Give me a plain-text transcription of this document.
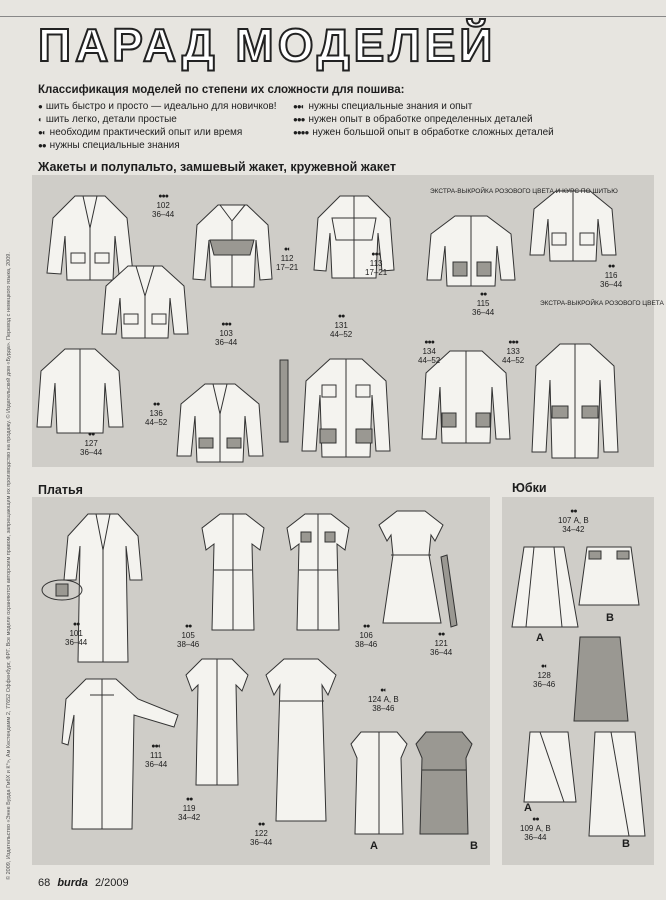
ПАРАД МОДЕЛЕЙ
Классификация моделей по степени их сложности для пошива:
● шить быстро и просто — идеально для новичков!
◐ шить легко, детали простые
●◐ необходим практический опыт или время
●● нужны специальные знания
●●◐ нужны специальные знания и опыт
●●● нужен опыт в обработке определенных деталей
●●●● нужен большой опыт в обработке сложных деталей
Жакеты и полупальто, замшевый жакет, кружевной жакет
●●●
102
36–44
●●●
103
36–44
●◐
112
17–21
●●◐
113
17–21
●●
115
36–44
●●
116
36–44
●●
131
44–52
●●●
134
44–52
●●●
133
44–52
●●
127
36–44
●●
136
44–52
ЭКСТРА-ВЫКРОЙКА РОЗОВОГО ЦВЕТА И КУРС ПО ШИТЬЮ
ЭКСТРА-ВЫКРОЙКА РОЗОВОГО ЦВЕТА
Платья
●●
101
36–44
●●
105
38–46
●●
106
38–46
●●
121
36–44
●●◐
111
36–44
●●
119
34–42
●●
122
36–44
●◐
124 А, В
38–46
А	В
Юбки
●●
107 А, В
34–42
●◐
128
36–46
●●
109 А, В
36–44
А
В
А
В
© 2009, Издательство «Энне Бурда ГмбХ и К°», Ам Кестендамм 2, 77652 Оффенбург, ФРГ. Все модели охраняются авторским правом, запрещающим их производство на продажу. © Издательский дом «Бурда». Перевод с немецкого языка, 2009.
68 burda 2/2009
